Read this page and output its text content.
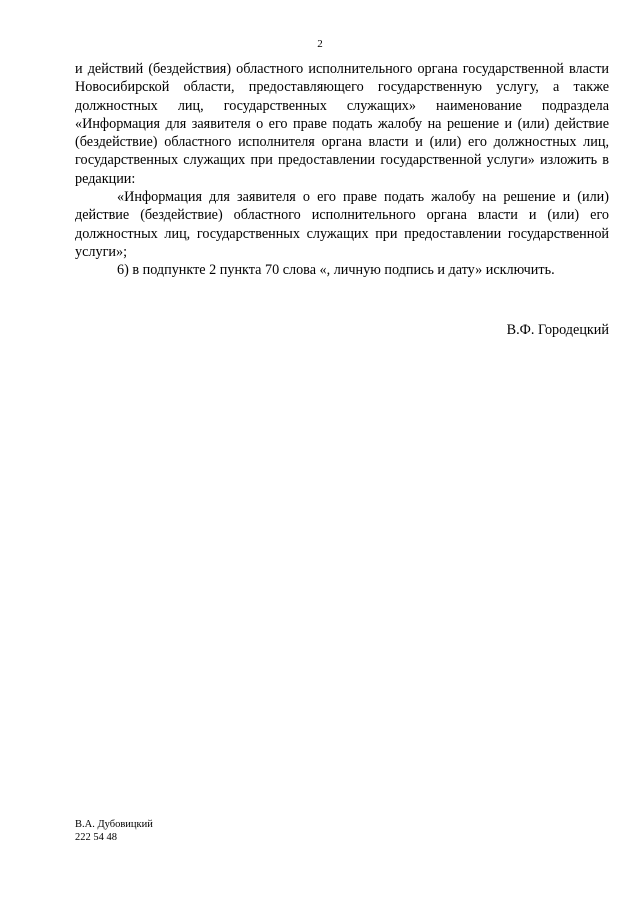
2

и действий (бездействия) областного исполнительного органа государственной власти Новосибирской области, предоставляющего государственную услугу, а также должностных лиц, государственных служащих» наименование подраздела «Информация для заявителя о его праве подать жалобу на решение и (или) действие (бездействие) областного исполнителя органа власти и (или) его должностных лиц, государственных служащих при предоставлении государственной услуги» изложить в редакции:

«Информация для заявителя о его праве подать жалобу на решение и (или) действие (бездействие) областного исполнительного органа власти и (или) его должностных лиц, государственных служащих при предоставлении государственной услуги»;

6) в подпункте 2 пункта 70 слова «, личную подпись и дату» исключить.

В.Ф. Городецкий
В.А. Дубовицкий
222 54 48
